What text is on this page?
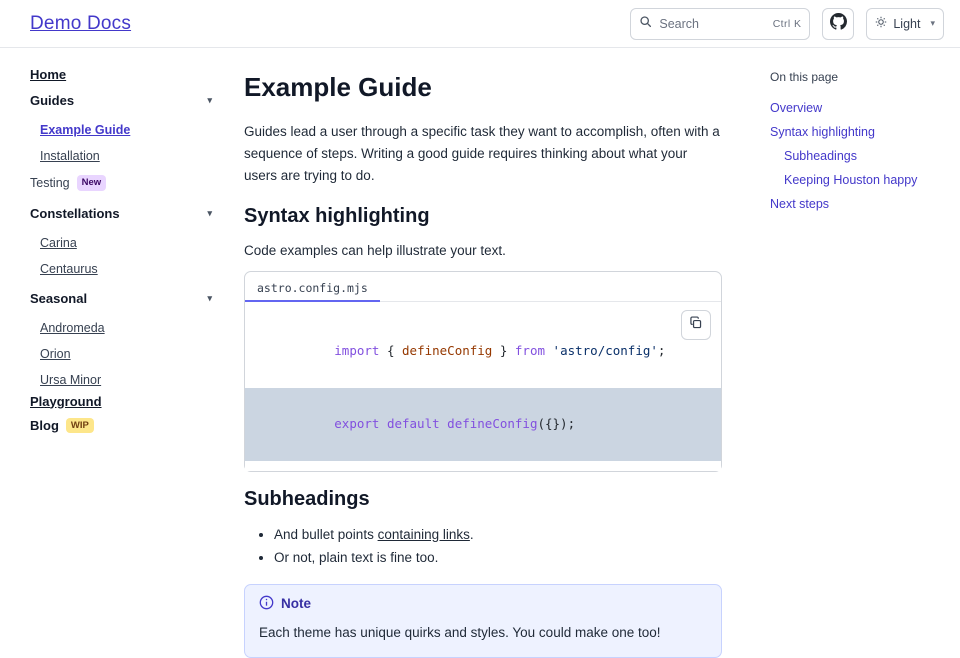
Demo Docs	Search	Ctrl K	Light ▾
Home
Guides	▾
Example Guide
Installation
Testing	New
Constellations	▾
Carina
Centaurus
Seasonal	▾
Andromeda
Orion
Ursa Minor
Playground
Blog	WIP
Example Guide

Guides lead a user through a specific task they want to accomplish, often with a sequence of steps. Writing a good guide requires thinking about what your users are trying to do.

Syntax highlighting

Code examples can help illustrate your text.

astro.config.mjs

import { defineConfig } from 'astro/config';

export default defineConfig({});

Subheadings
• And bullet points containing links.
• Or not, plain text is fine too.
Note
Each theme has unique quirks and styles. You could make one too!
On this page
Overview
Syntax highlighting
Subheadings
Keeping Houston happy
Next steps
